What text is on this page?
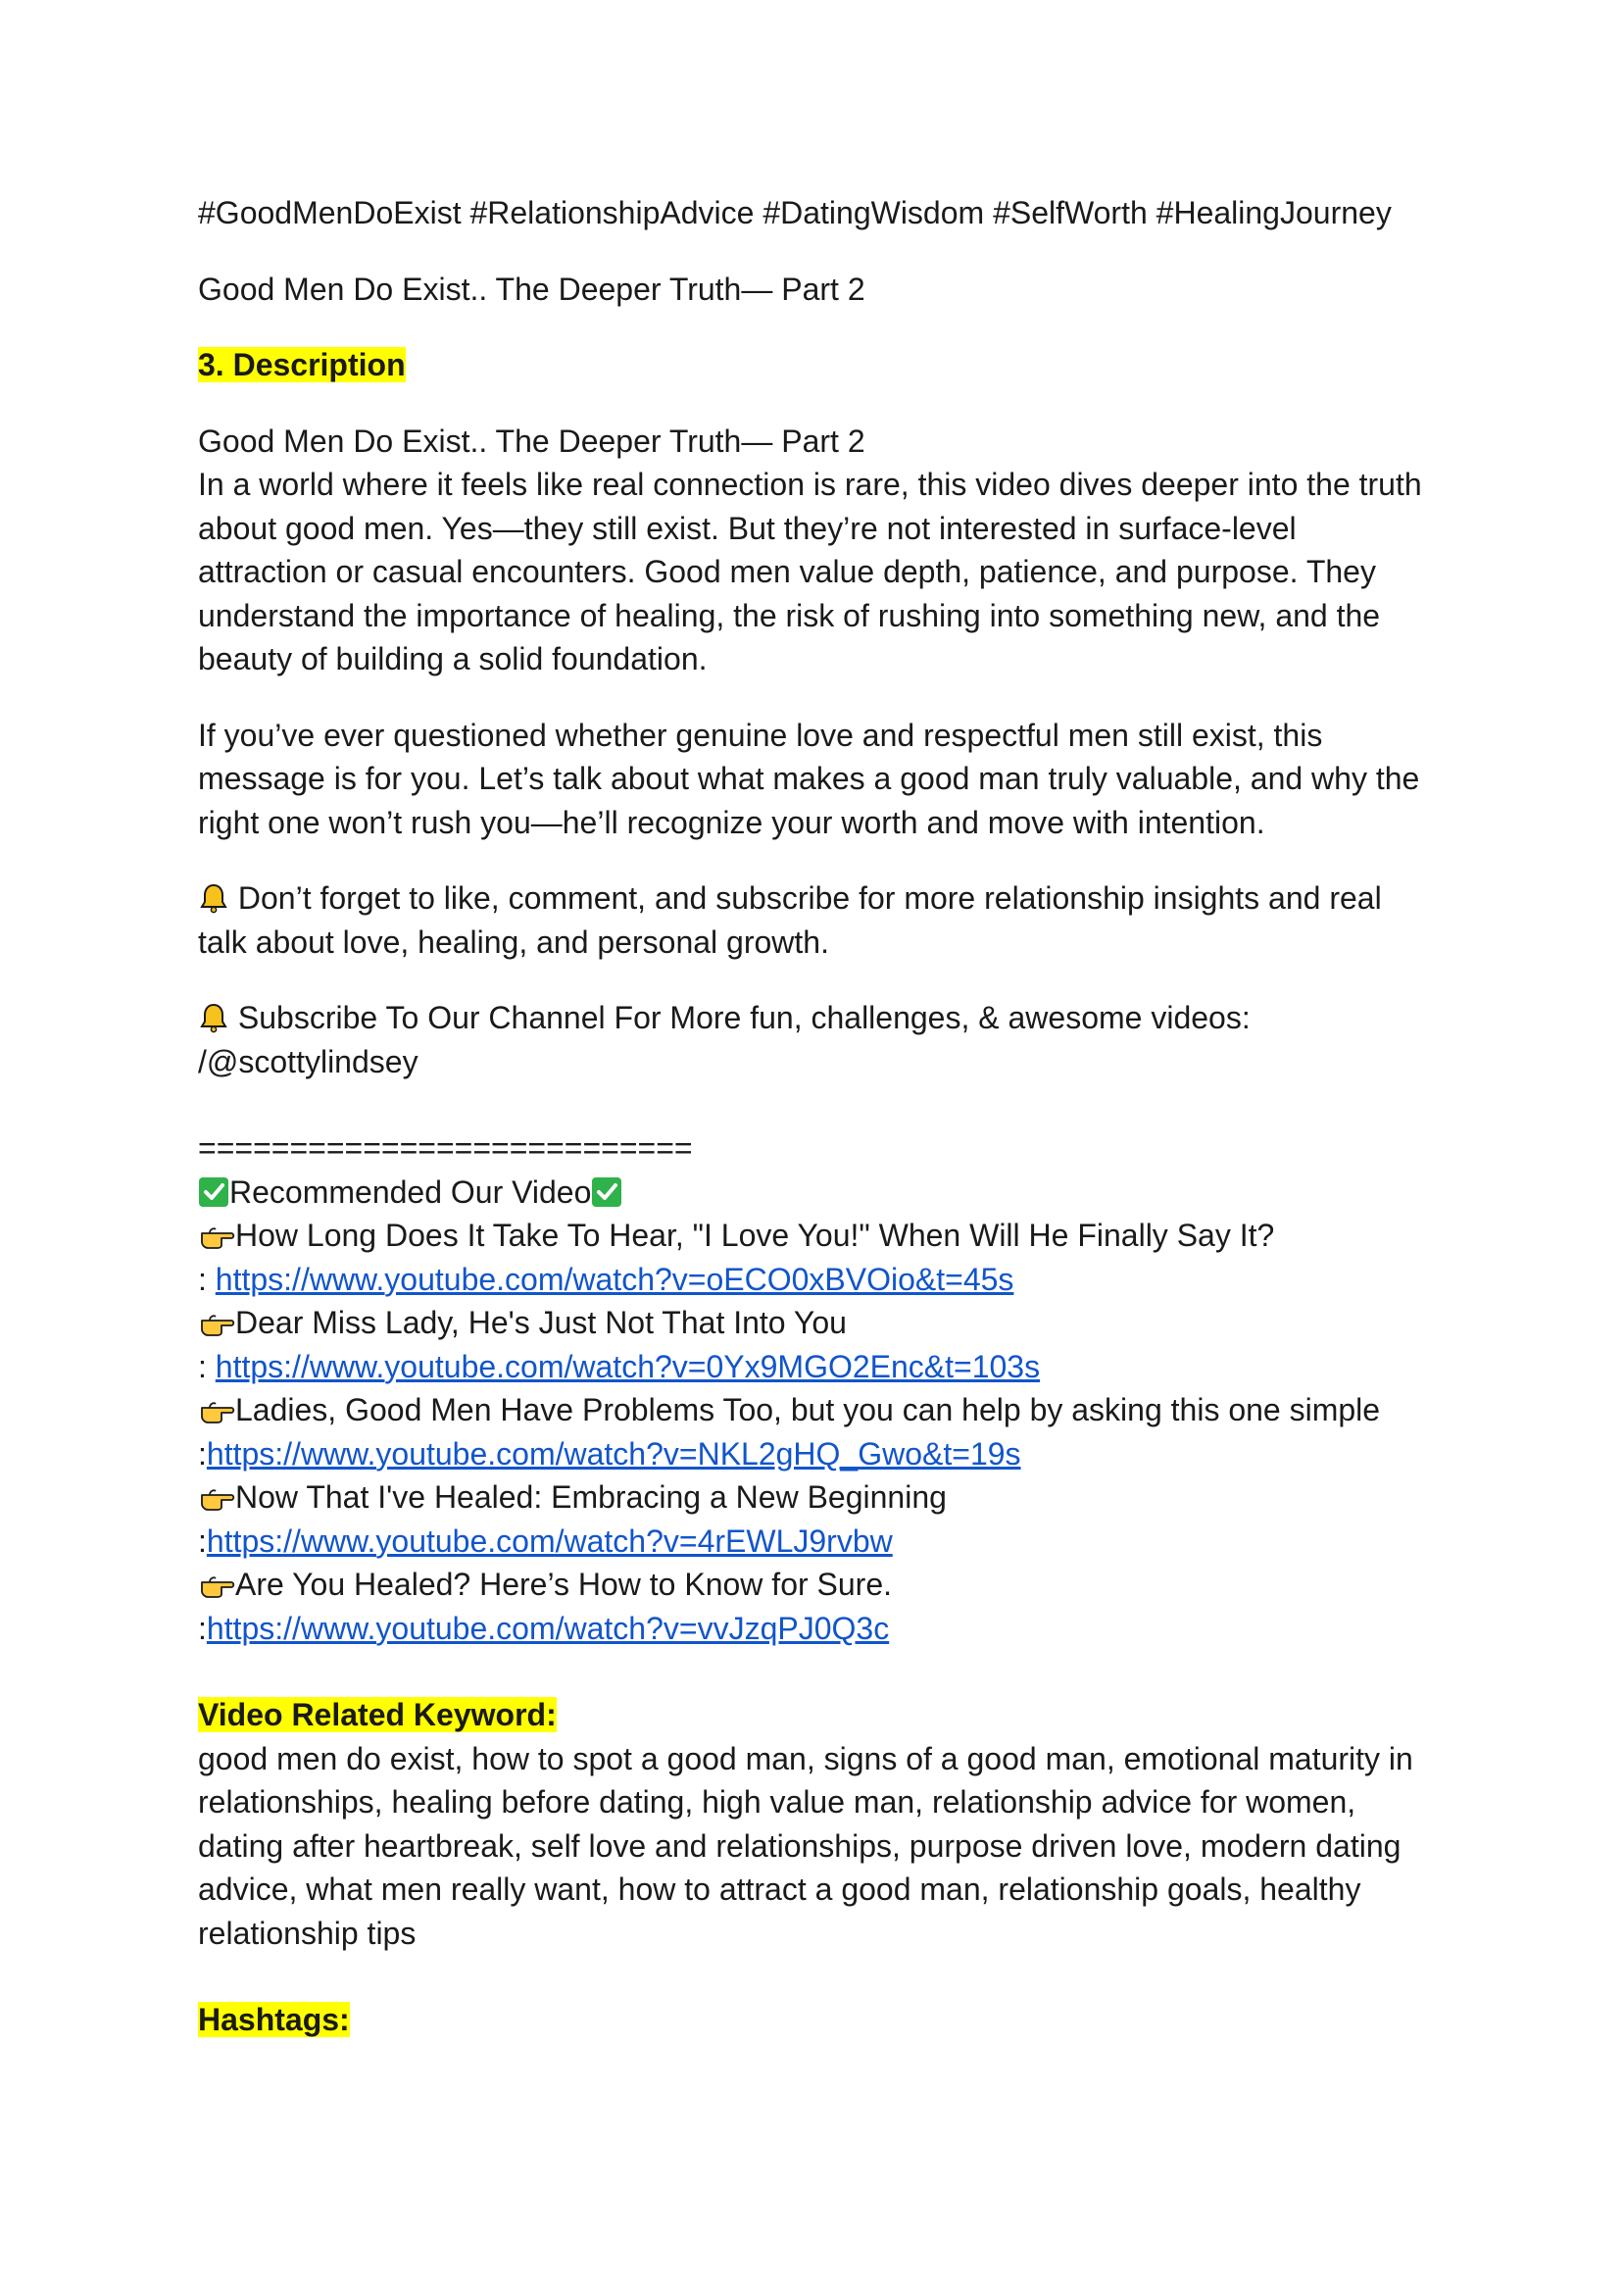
#GoodMenDoExist #RelationshipAdvice #DatingWisdom #SelfWorth #HealingJourney

Good Men Do Exist.. The Deeper Truth— Part 2

3. Description

Good Men Do Exist.. The Deeper Truth— Part 2

In a world where it feels like real connection is rare, this video dives deeper into the truth about good men. Yes—they still exist. But they’re not interested in surface-level attraction or casual encounters. Good men value depth, patience, and purpose. They understand the importance of healing, the risk of rushing into something new, and the beauty of building a solid foundation.

If you’ve ever questioned whether genuine love and respectful men still exist, this message is for you. Let’s talk about what makes a good man truly valuable, and why the right one won’t rush you—he’ll recognize your worth and move with intention.

Don’t forget to like, comment, and subscribe for more relationship insights and real talk about love, healing, and personal growth.

Subscribe To Our Channel For More fun, challenges, & awesome videos:

/@scottylindsey

===========================

Recommended Our Video

How Long Does It Take To Hear, "I Love You!" When Will He Finally Say It?

: https://www.youtube.com/watch?v=oECO0xBVOio&t=45s

Dear Miss Lady, He's Just Not That Into You

: https://www.youtube.com/watch?v=0Yx9MGO2Enc&t=103s

Ladies, Good Men Have Problems Too, but you can help by asking this one simple

:https://www.youtube.com/watch?v=NKL2gHQ_Gwo&t=19s

Now That I've Healed: Embracing a New Beginning

:https://www.youtube.com/watch?v=4rEWLJ9rvbw

Are You Healed? Here’s How to Know for Sure.

:https://www.youtube.com/watch?v=vvJzqPJ0Q3c

Video Related Keyword:

good men do exist, how to spot a good man, signs of a good man, emotional maturity in relationships, healing before dating, high value man, relationship advice for women, dating after heartbreak, self love and relationships, purpose driven love, modern dating advice, what men really want, how to attract a good man, relationship goals, healthy relationship tips

Hashtags:
